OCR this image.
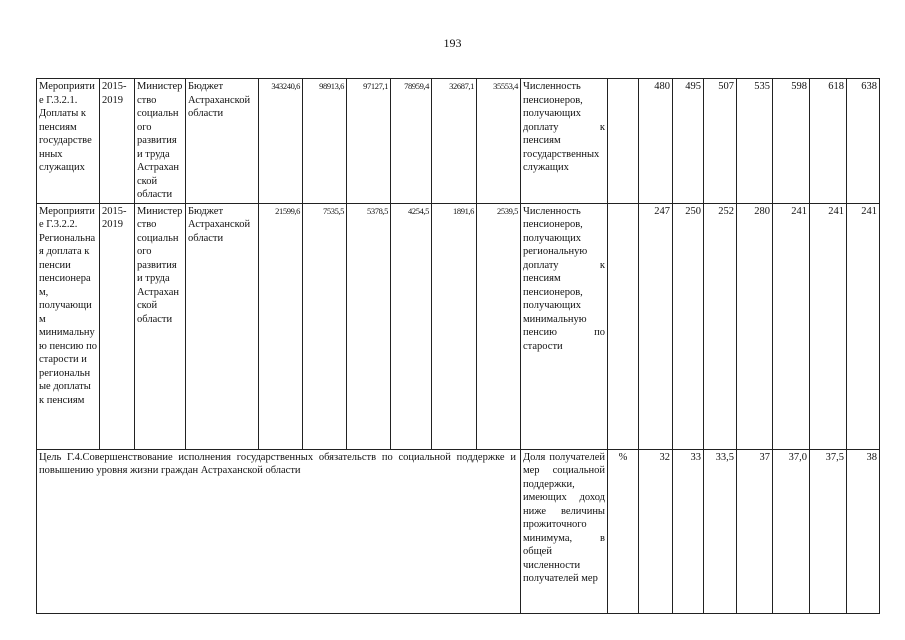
193
Мероприятие Г.3.2.1. Доплаты к пенсиям государственных служащих	2015-2019	Министерство социального развития и труда Астраханской области	Бюджет Астраханской области	343240,6	98913,6	97127,1	78959,4	32687,1	35553,4	Численность пенсионеров, получающих доплату к пенсиям государственных служащих		480	495	507	535	598	618	638

Мероприятие Г.3.2.2. Региональная доплата к пенсии пенсионерам, получающим минимальную пенсию по старости и региональные доплаты к пенсиям	2015-2019	Министерство социального развития и труда Астраханской области	Бюджет Астраханской области	21599,6	7535,5	5378,5	4254,5	1891,6	2539,5	Численность пенсионеров, получающих региональную доплату к пенсиям пенсионеров, получающих минимальную пенсию по старости		247	250	252	280	241	241	241

Цель Г.4.Совершенствование исполнения государственных обязательств по социальной поддержке и повышению уровня жизни граждан Астраханской области										Доля получателей мер социальной поддержки, имеющих доход ниже величины прожиточного минимума, в общей численности получателей мер	%	32	33	33,5	37	37,0	37,5	38
